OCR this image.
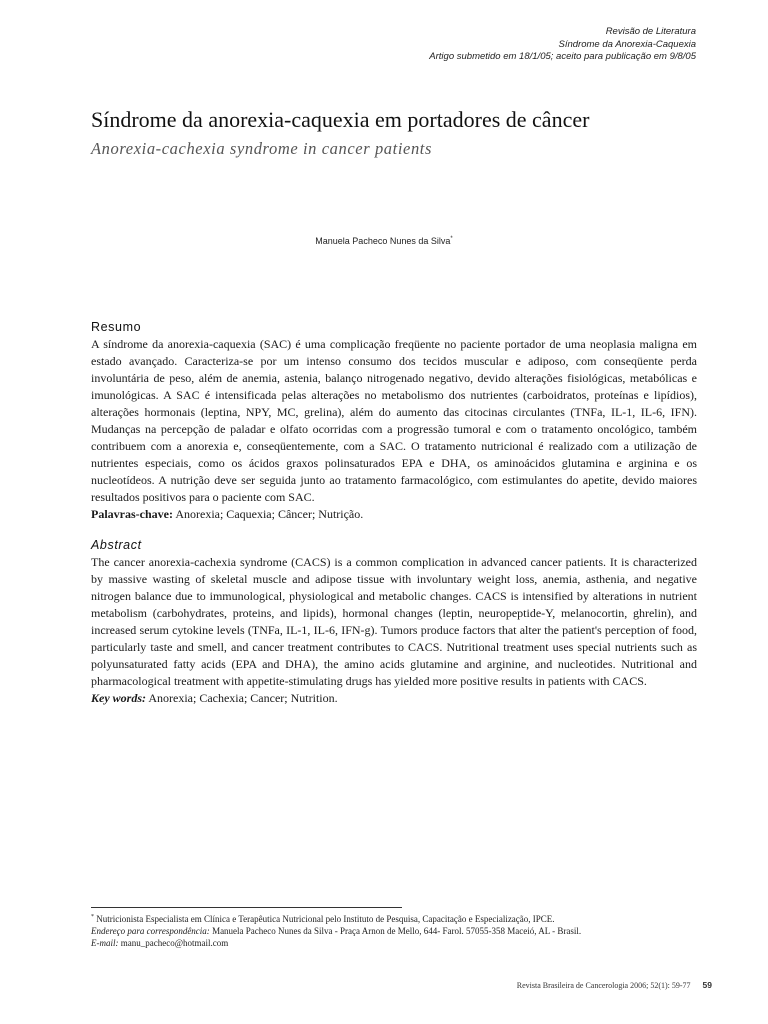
Revisão de Literatura
Síndrome da Anorexia-Caquexia
Artigo submetido em 18/1/05; aceito para publicação em 9/8/05
Síndrome da anorexia-caquexia em portadores de câncer
Anorexia-cachexia syndrome in cancer patients
Manuela Pacheco Nunes da Silva*
Resumo
A síndrome da anorexia-caquexia (SAC) é uma complicação freqüente no paciente portador de uma neoplasia maligna em estado avançado. Caracteriza-se por um intenso consumo dos tecidos muscular e adiposo, com conseqüente perda involuntária de peso, além de anemia, astenia, balanço nitrogenado negativo, devido alterações fisiológicas, metabólicas e imunológicas. A SAC é intensificada pelas alterações no metabolismo dos nutrientes (carboidratos, proteínas e lipídios), alterações hormonais (leptina, NPY, MC, grelina), além do aumento das citocinas circulantes (TNFa, IL-1, IL-6, IFN). Mudanças na percepção de paladar e olfato ocorridas com a progressão tumoral e com o tratamento oncológico, também contribuem com a anorexia e, conseqüentemente, com a SAC. O tratamento nutricional é realizado com a utilização de nutrientes especiais, como os ácidos graxos polinsaturados EPA e DHA, os aminoácidos glutamina e arginina e os nucleotídeos. A nutrição deve ser seguida junto ao tratamento farmacológico, com estimulantes do apetite, devido maiores resultados positivos para o paciente com SAC.
Palavras-chave: Anorexia; Caquexia; Câncer; Nutrição.
Abstract
The cancer anorexia-cachexia syndrome (CACS) is a common complication in advanced cancer patients. It is characterized by massive wasting of skeletal muscle and adipose tissue with involuntary weight loss, anemia, asthenia, and negative nitrogen balance due to immunological, physiological and metabolic changes. CACS is intensified by alterations in nutrient metabolism (carbohydrates, proteins, and lipids), hormonal changes (leptin, neuropeptide-Y, melanocortin, ghrelin), and increased serum cytokine levels (TNFa, IL-1, IL-6, IFN-g). Tumors produce factors that alter the patient's perception of food, particularly taste and smell, and cancer treatment contributes to CACS. Nutritional treatment uses special nutrients such as polyunsaturated fatty acids (EPA and DHA), the amino acids glutamine and arginine, and nucleotides. Nutritional and pharmacological treatment with appetite-stimulating drugs has yielded more positive results in patients with CACS.
Key words: Anorexia; Cachexia; Cancer; Nutrition.
* Nutricionista Especialista em Clínica e Terapêutica Nutricional pelo Instituto de Pesquisa, Capacitação e Especialização, IPCE.
Endereço para correspondência: Manuela Pacheco Nunes da Silva - Praça Arnon de Mello, 644- Farol. 57055-358 Maceió, AL - Brasil.
E-mail: manu_pacheco@hotmail.com
Revista Brasileira de Cancerologia 2006; 52(1): 59-77 59
